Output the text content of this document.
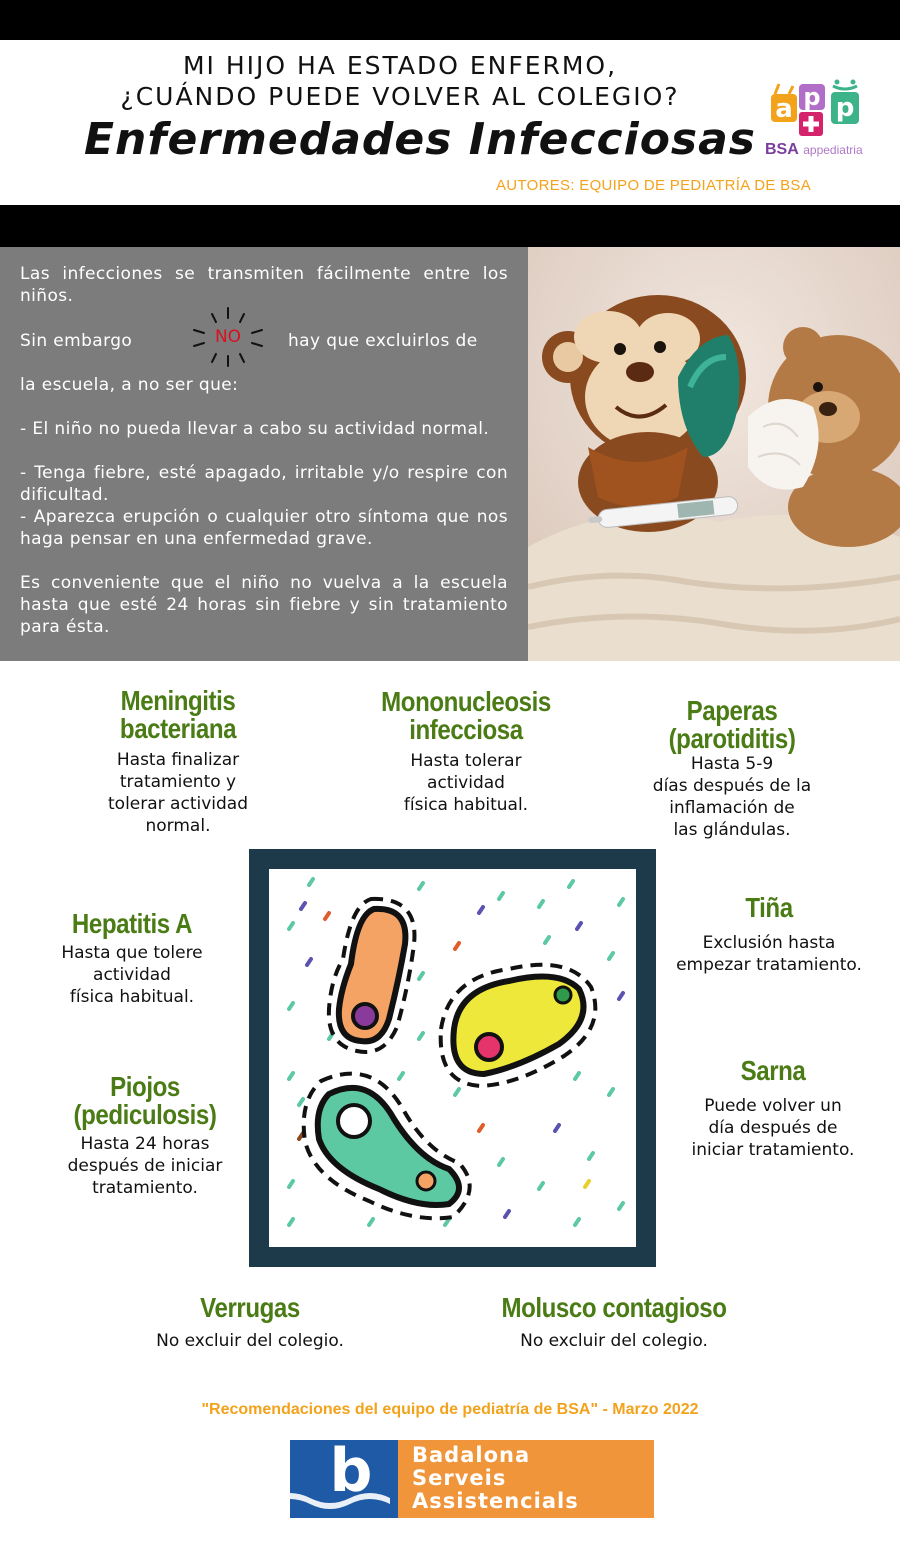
MI HIJO HA ESTADO ENFERMO,
¿CUÁNDO PUEDE VOLVER AL COLEGIO?
Enfermedades Infecciosas
AUTORES: EQUIPO DE PEDIATRÍA DE BSA
a p p
BSA appediatria

Las infecciones se transmiten fácilmente entre los niños.

Sin embargo	NO	hay que excluirlos de

la escuela, a no ser que:

- El niño no pueda llevar a cabo su actividad normal.

- Tenga fiebre, esté apagado, irritable y/o respire con dificultad.

- Aparezca erupción o cualquier otro síntoma que nos haga pensar en una enfermedad grave.

Es conveniente que el niño no vuelva a la escuela hasta que esté 24 horas sin fiebre y sin tratamiento para ésta.

Meningitis
bacteriana
Hasta finalizar
tratamiento y
tolerar actividad
normal.
Mononucleosis
infecciosa
Hasta tolerar
actividad
física habitual.
Paperas
(parotiditis)
Hasta 5-9
días después de la
inflamación de
las glándulas.
Hepatitis A
Hasta que tolere
actividad
física habitual.
Tiña
Exclusión hasta
empezar tratamiento.
Piojos
(pediculosis)
Hasta 24 horas
después de iniciar
tratamiento.
Sarna
Puede volver un
día después de
iniciar tratamiento.
Verrugas
No excluir del colegio.
Molusco contagioso
No excluir del colegio.
"Recomendaciones del equipo de pediatría de BSA" - Marzo 2022
b	Badalona
Serveis
Assistencials
